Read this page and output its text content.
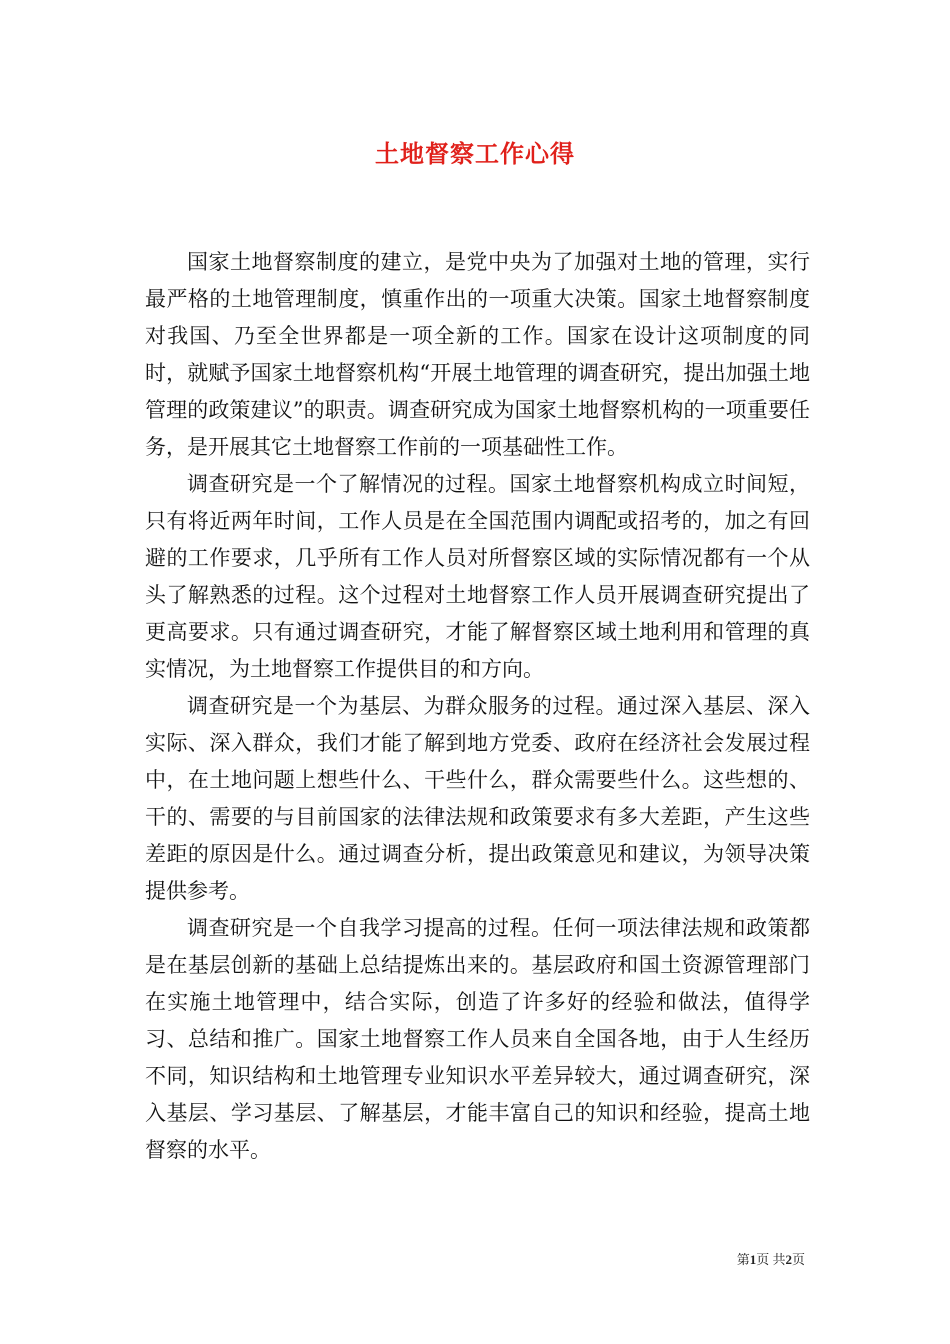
土地督察工作心得

国家土地督察制度的建立，是党中央为了加强对土地的管理，实行最严格的土地管理制度，慎重作出的一项重大决策。国家土地督察制度对我国、乃至全世界都是一项全新的工作。国家在设计这项制度的同时，就赋予国家土地督察机构“开展土地管理的调查研究，提出加强土地管理的政策建议”的职责。调查研究成为国家土地督察机构的一项重要任务，是开展其它土地督察工作前的一项基础性工作。

调查研究是一个了解情况的过程。国家土地督察机构成立时间短，只有将近两年时间，工作人员是在全国范围内调配或招考的，加之有回避的工作要求，几乎所有工作人员对所督察区域的实际情况都有一个从头了解熟悉的过程。这个过程对土地督察工作人员开展调查研究提出了更高要求。只有通过调查研究，才能了解督察区域土地利用和管理的真实情况，为土地督察工作提供目的和方向。

调查研究是一个为基层、为群众服务的过程。通过深入基层、深入实际、深入群众，我们才能了解到地方党委、政府在经济社会发展过程中，在土地问题上想些什么、干些什么，群众需要些什么。这些想的、干的、需要的与目前国家的法律法规和政策要求有多大差距，产生这些差距的原因是什么。通过调查分析，提出政策意见和建议，为领导决策提供参考。

调查研究是一个自我学习提高的过程。任何一项法律法规和政策都是在基层创新的基础上总结提炼出来的。基层政府和国土资源管理部门在实施土地管理中，结合实际，创造了许多好的经验和做法，值得学习、总结和推广。国家土地督察工作人员来自全国各地，由于人生经历不同，知识结构和土地管理专业知识水平差异较大，通过调查研究，深入基层、学习基层、了解基层，才能丰富自己的知识和经验，提高土地督察的水平。

第1页 共2页
